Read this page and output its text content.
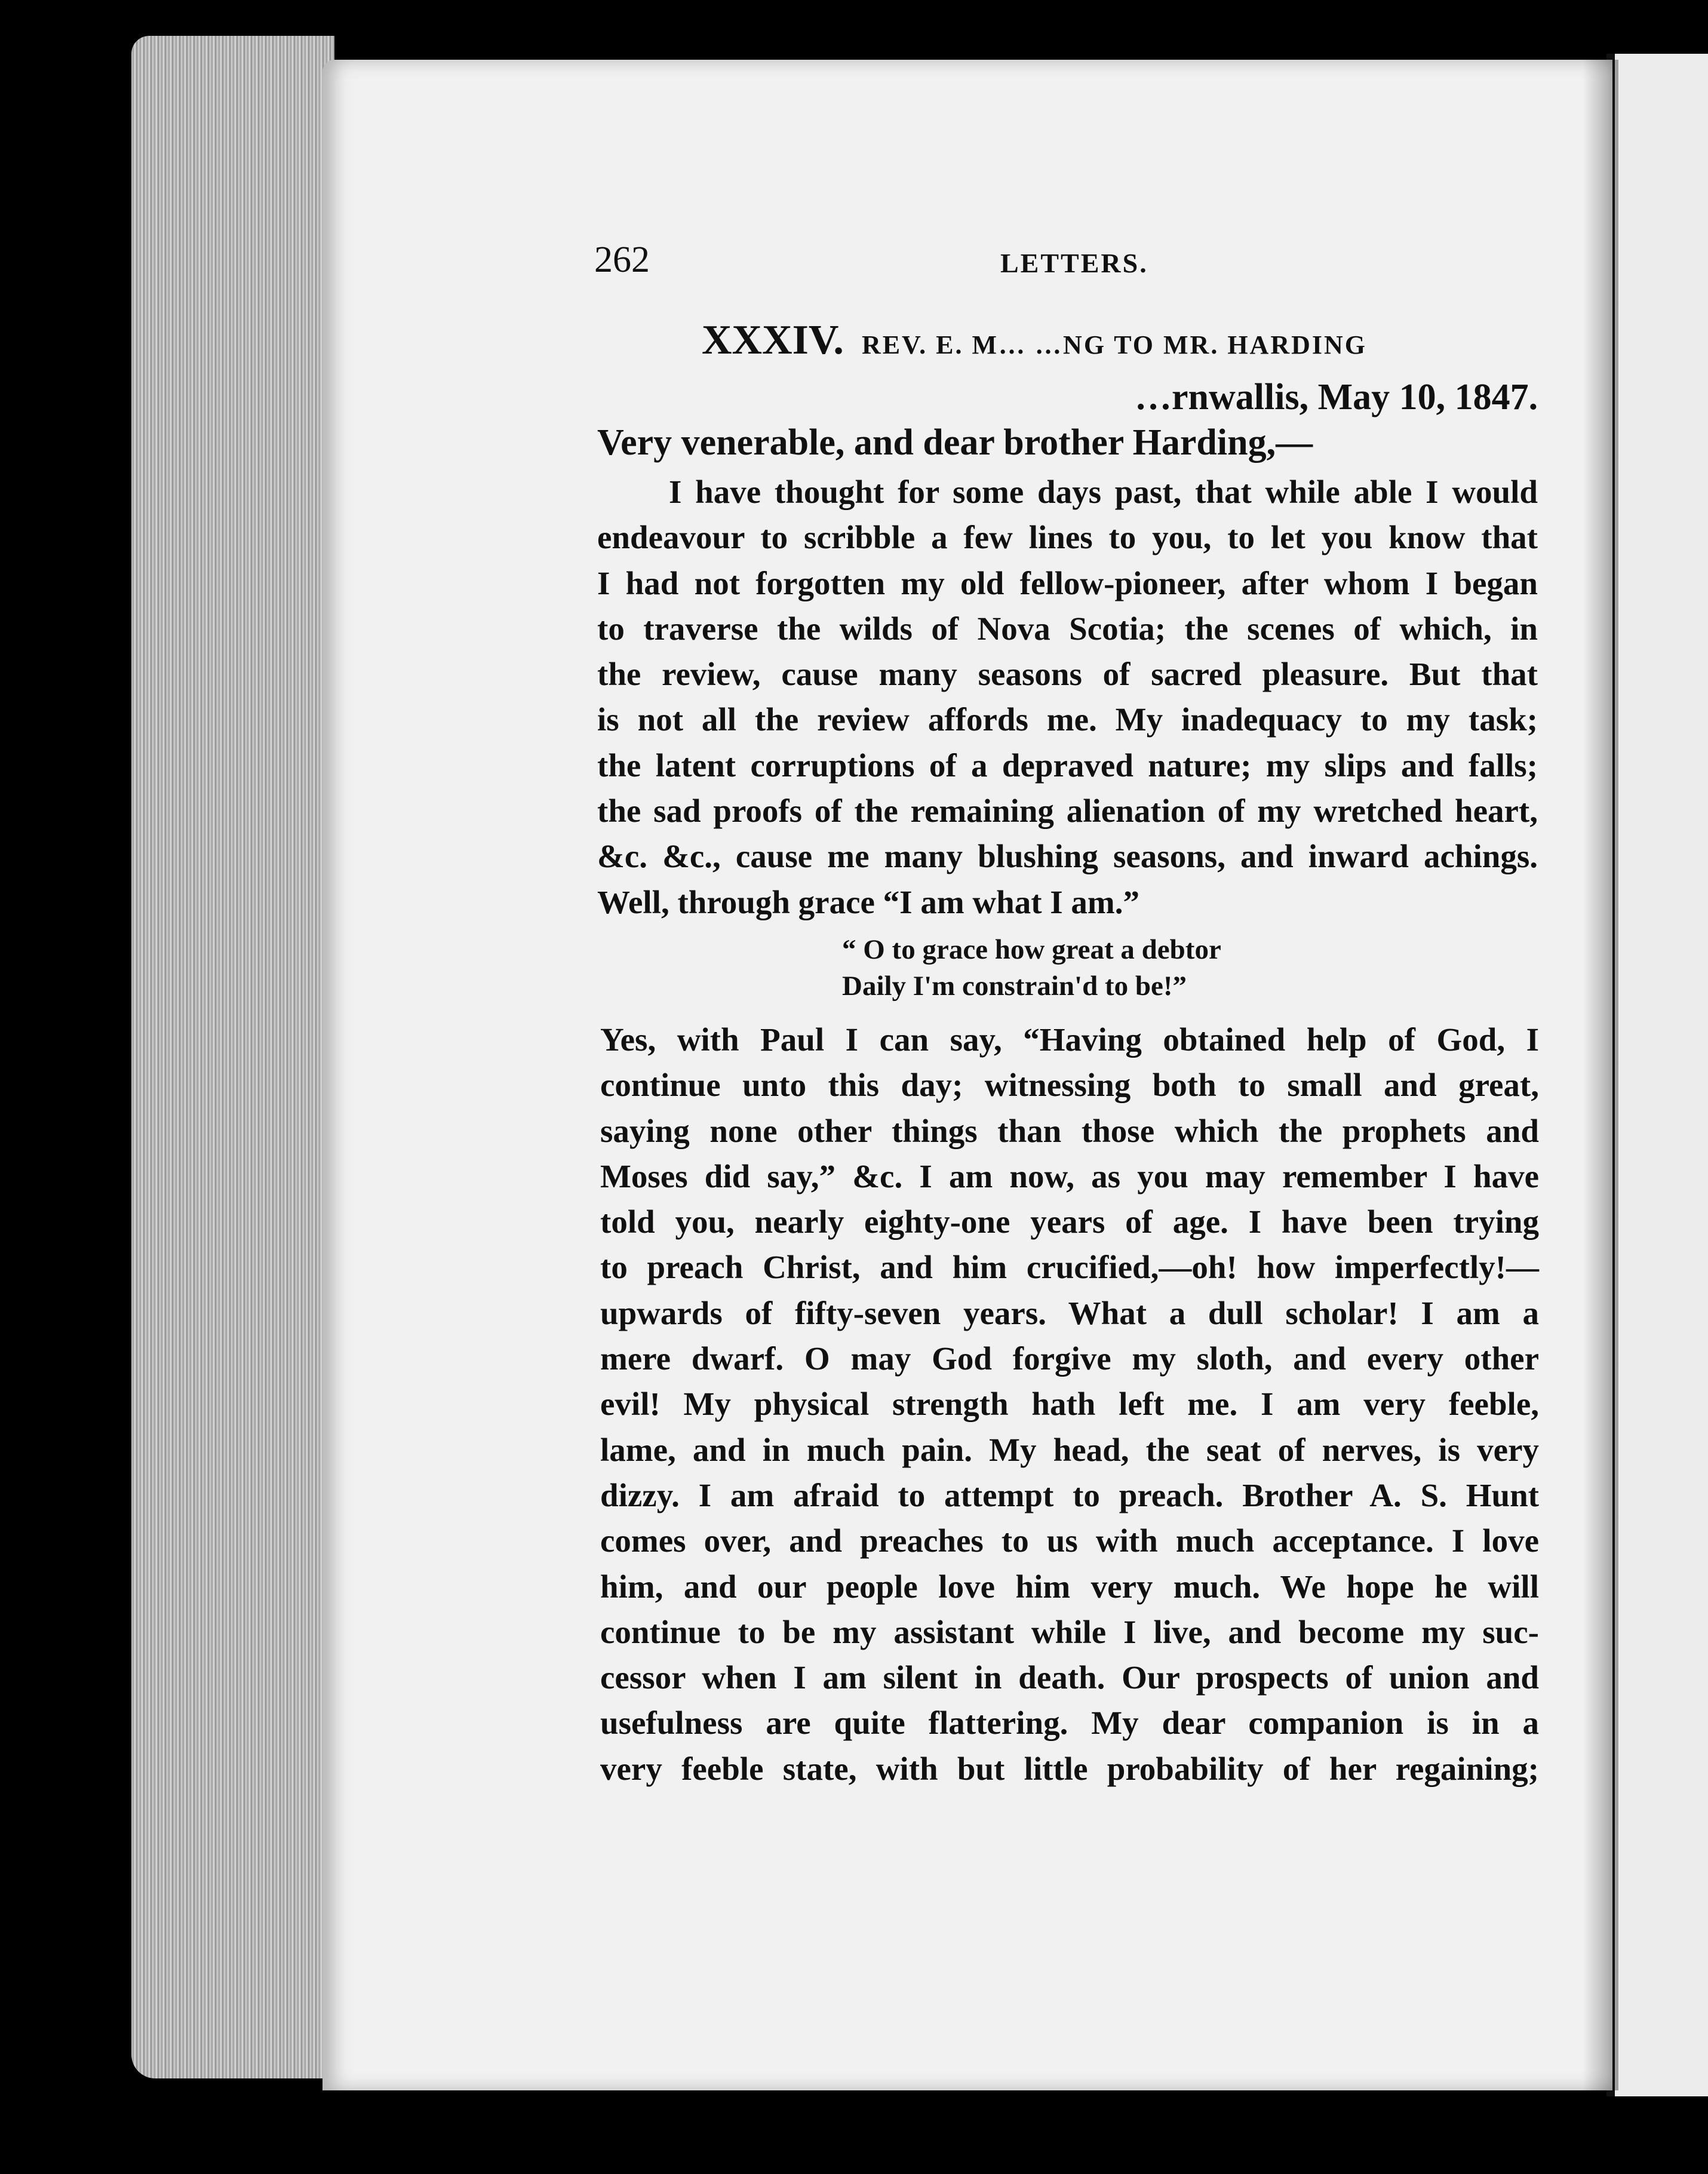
262	LETTERS.
XXXIV. REV. E. M… …NG TO MR. HARDING
…rnwallis, May 10, 1847.
Very venerable, and dear brother Harding,—
I have thought for some days past, that while able I would
endeavour to scribble a few lines to you, to let you know that
I had not forgotten my old fellow-pioneer, after whom I began
to traverse the wilds of Nova Scotia; the scenes of which, in
the review, cause many seasons of sacred pleasure. But that
is not all the review affords me. My inadequacy to my task;
the latent corruptions of a depraved nature; my slips and falls;
the sad proofs of the remaining alienation of my wretched heart,
&c. &c., cause me many blushing seasons, and inward achings.
Well, through grace “I am what I am.”
“ O to grace how great a debtor
Daily I'm constrain'd to be!”
Yes, with Paul I can say, “Having obtained help of God, I
continue unto this day; witnessing both to small and great,
saying none other things than those which the prophets and
Moses did say,” &c. I am now, as you may remember I have
told you, nearly eighty-one years of age. I have been trying
to preach Christ, and him crucified,—oh! how imperfectly!—
upwards of fifty-seven years. What a dull scholar! I am a
mere dwarf. O may God forgive my sloth, and every other
evil! My physical strength hath left me. I am very feeble,
lame, and in much pain. My head, the seat of nerves, is very
dizzy. I am afraid to attempt to preach. Brother A. S. Hunt
comes over, and preaches to us with much acceptance. I love
him, and our people love him very much. We hope he will
continue to be my assistant while I live, and become my suc-
cessor when I am silent in death. Our prospects of union and
usefulness are quite flattering. My dear companion is in a
very feeble state, with but little probability of her regaining;
